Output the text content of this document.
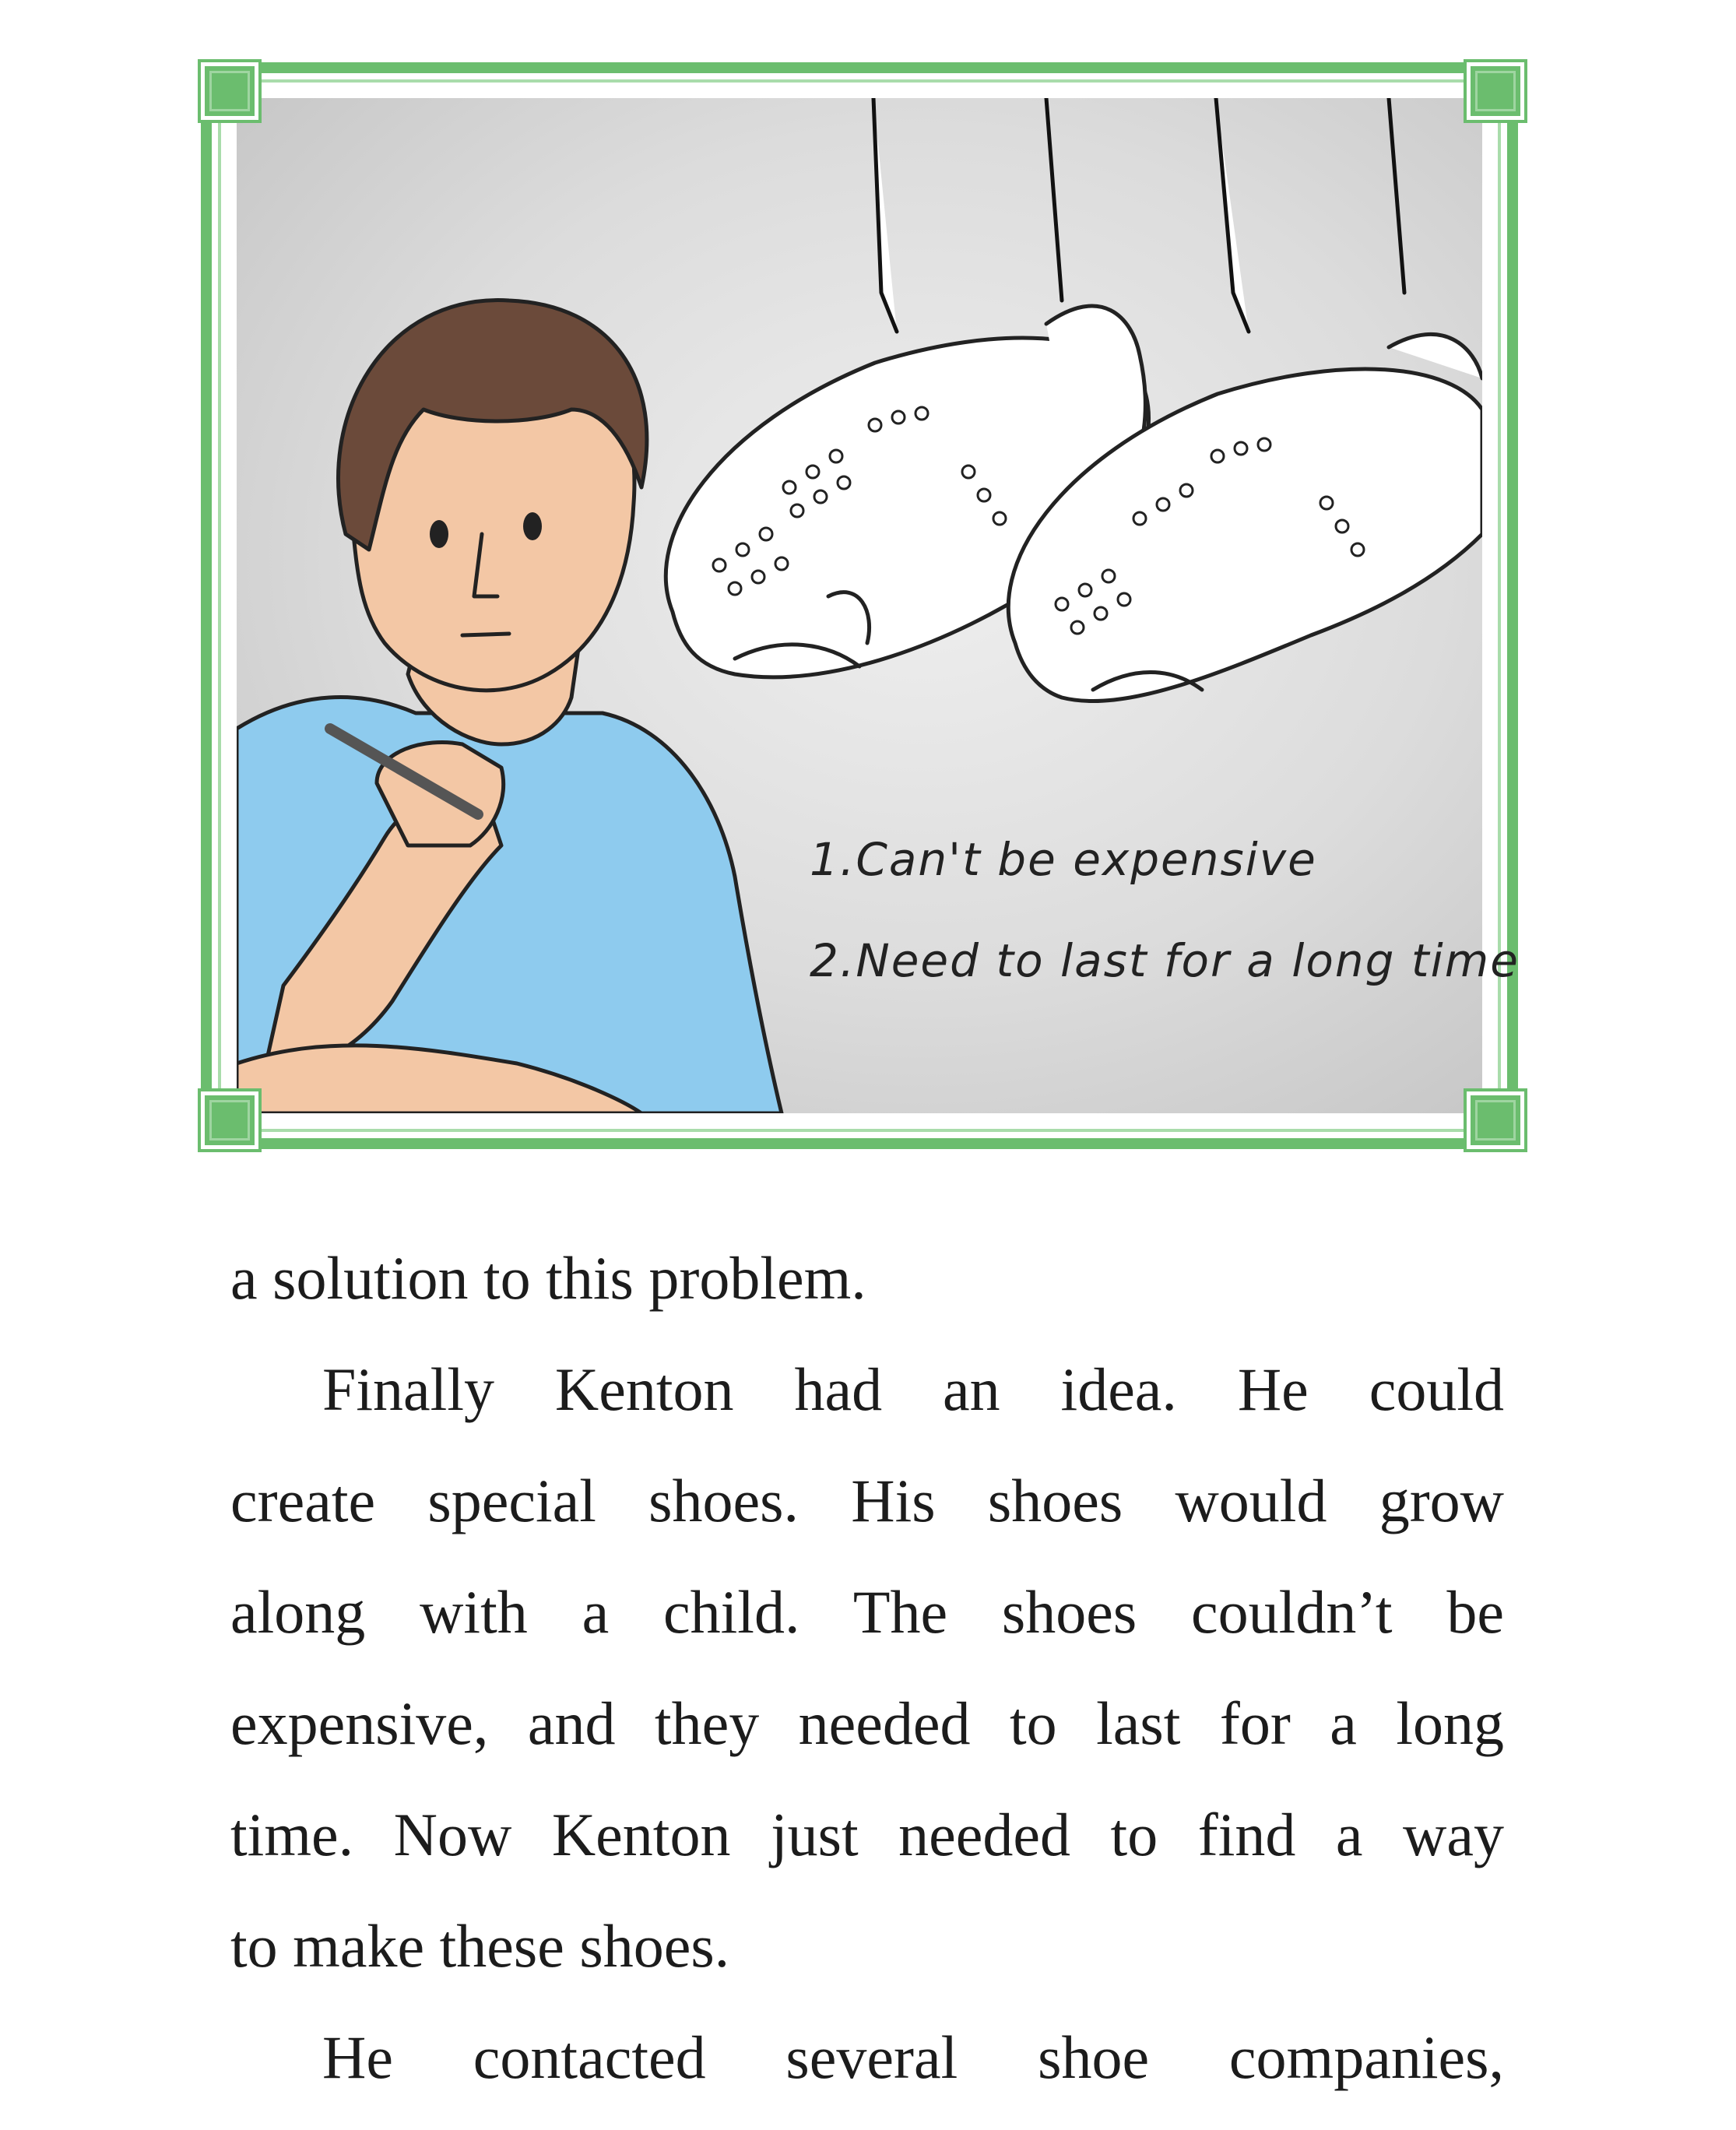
1.Can't be expensive
2.Need to last for a long time

a solution to this problem.

Finally Kenton had an idea. He could
create special shoes. His shoes would grow
along with a child. The shoes couldn’t be
expensive, and they needed to last for a long
time. Now Kenton just needed to find a way
to make these shoes.

He contacted several shoe companies,
